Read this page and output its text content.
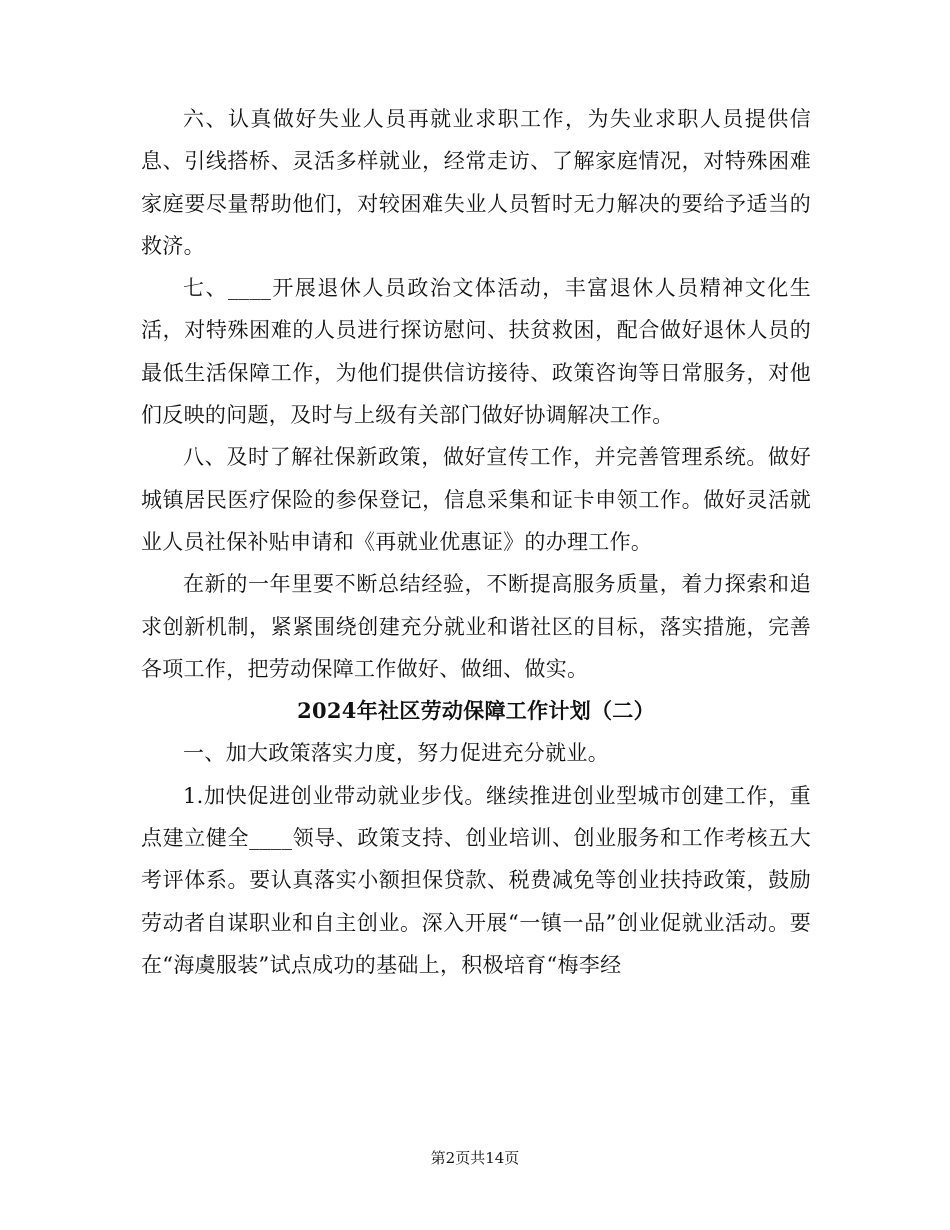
六、认真做好失业人员再就业求职工作，为失业求职人员提供信息、引线搭桥、灵活多样就业，经常走访、了解家庭情况，对特殊困难家庭要尽量帮助他们，对较困难失业人员暂时无力解决的要给予适当的救济。

七、____开展退休人员政治文体活动，丰富退休人员精神文化生活，对特殊困难的人员进行探访慰问、扶贫救困，配合做好退休人员的最低生活保障工作，为他们提供信访接待、政策咨询等日常服务，对他们反映的问题，及时与上级有关部门做好协调解决工作。

八、及时了解社保新政策，做好宣传工作，并完善管理系统。做好城镇居民医疗保险的参保登记，信息采集和证卡申领工作。做好灵活就业人员社保补贴申请和《再就业优惠证》的办理工作。

在新的一年里要不断总结经验，不断提高服务质量，着力探索和追求创新机制，紧紧围绕创建充分就业和谐社区的目标，落实措施，完善各项工作，把劳动保障工作做好、做细、做实。

2024年社区劳动保障工作计划（二）

一、加大政策落实力度，努力促进充分就业。

1.加快促进创业带动就业步伐。继续推进创业型城市创建工作，重点建立健全____领导、政策支持、创业培训、创业服务和工作考核五大考评体系。要认真落实小额担保贷款、税费减免等创业扶持政策，鼓励劳动者自谋职业和自主创业。深入开展“一镇一品”创业促就业活动。要在“海虞服装”试点成功的基础上，积极培育“梅李经

第2页共14页
